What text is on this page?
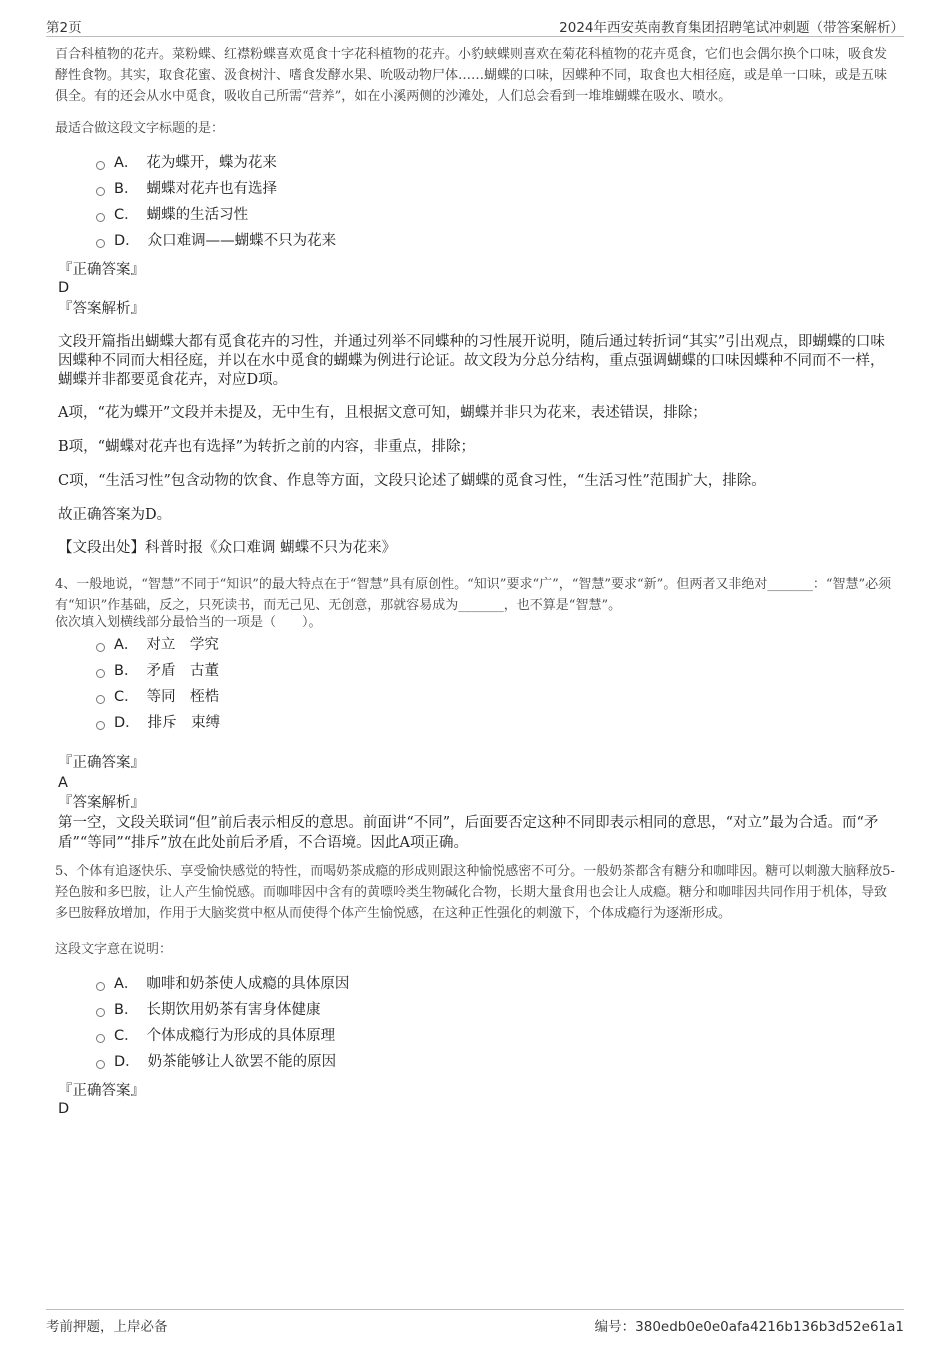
第2页	2024年西安英南教育集团招聘笔试冲刺题（带答案解析）
百合科植物的花卉。菜粉蝶、红襟粉蝶喜欢觅食十字花科植物的花卉。小豹蛱蝶则喜欢在菊花科植物的花卉觅食，它们也会偶尔换个口味，吸食发酵性食物。其实，取食花蜜、汲食树汁、嗜食发酵水果、吮吸动物尸体……蝴蝶的口味，因蝶种不同，取食也大相径庭，或是单一口味，或是五味俱全。有的还会从水中觅食，吸收自己所需“营养”，如在小溪两侧的沙滩处，人们总会看到一堆堆蝴蝶在吸水、喷水。
最适合做这段文字标题的是：
A． 花为蝶开，蝶为花来
B． 蝴蝶对花卉也有选择
C． 蝴蝶的生活习性
D． 众口难调——蝴蝶不只为花来
『正确答案』
D
『答案解析』
文段开篇指出蝴蝶大都有觅食花卉的习性，并通过列举不同蝶种的习性展开说明，随后通过转折词“其实”引出观点，即蝴蝶的口味因蝶种不同而大相径庭，并以在水中觅食的蝴蝶为例进行论证。故文段为分总分结构，重点强调蝴蝶的口味因蝶种不同而不一样，蝴蝶并非都要觅食花卉，对应D项。
A项，“花为蝶开”文段并未提及，无中生有，且根据文意可知，蝴蝶并非只为花来，表述错误，排除；
B项，“蝴蝶对花卉也有选择”为转折之前的内容，非重点，排除；
C项，“生活习性”包含动物的饮食、作息等方面，文段只论述了蝴蝶的觅食习性，“生活习性”范围扩大，排除。
故正确答案为D。
【文段出处】科普时报《众口难调 蝴蝶不只为花来》
4、一般地说，“智慧”不同于“知识”的最大特点在于“智慧”具有原创性。“知识”要求“广”，“智慧”要求“新”。但两者又非绝对_______：“智慧”必须有“知识”作基础，反之，只死读书，而无己见、无创意，那就容易成为_______，也不算是“智慧”。
依次填入划横线部分最恰当的一项是（　　）。
A． 对立　学究
B． 矛盾　古董
C． 等同　桎梏
D． 排斥　束缚
『正确答案』
A
『答案解析』
第一空，文段关联词“但”前后表示相反的意思。前面讲“不同”，后面要否定这种不同即表示相同的意思，“对立”最为合适。而“矛盾”“等同”“排斥”放在此处前后矛盾，不合语境。因此A项正确。
5、个体有追逐快乐、享受愉快感觉的特性，而喝奶茶成瘾的形成则跟这种愉悦感密不可分。一般奶茶都含有糖分和咖啡因。糖可以刺激大脑释放5-羟色胺和多巴胺，让人产生愉悦感。而咖啡因中含有的黄嘌呤类生物碱化合物，长期大量食用也会让人成瘾。糖分和咖啡因共同作用于机体，导致多巴胺释放增加，作用于大脑奖赏中枢从而使得个体产生愉悦感，在这种正性强化的刺激下，个体成瘾行为逐渐形成。
这段文字意在说明：
A． 咖啡和奶茶使人成瘾的具体原因
B． 长期饮用奶茶有害身体健康
C． 个体成瘾行为形成的具体原理
D． 奶茶能够让人欲罢不能的原因
『正确答案』
D
考前押题，上岸必备	编号：380edb0e0e0afa4216b136b3d52e61a1
